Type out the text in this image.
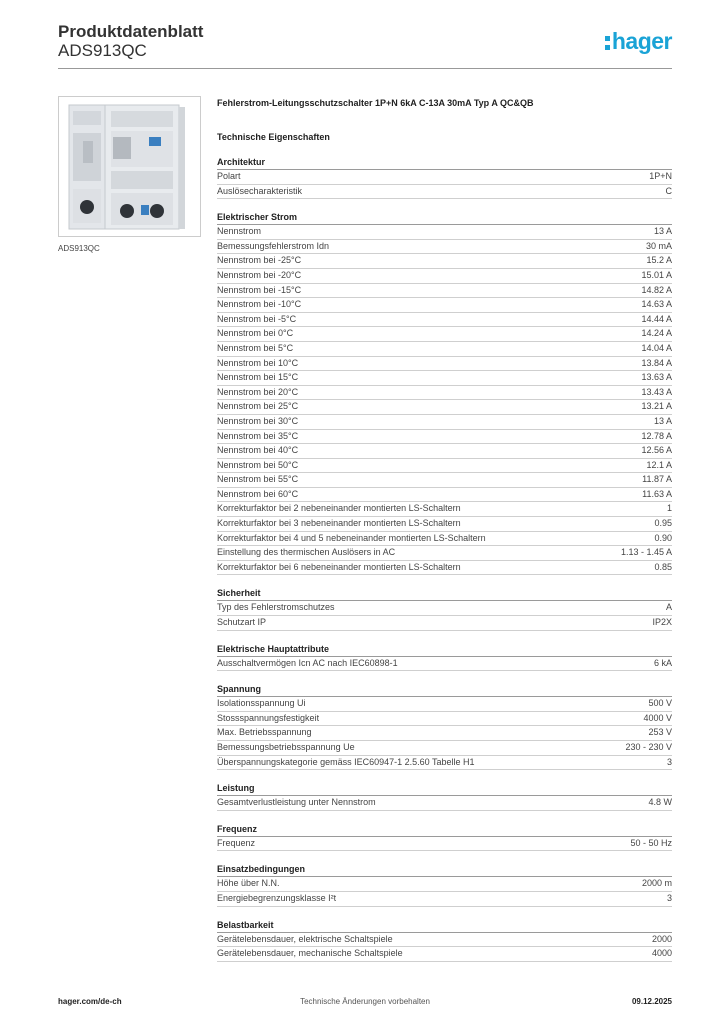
Produktdatenblatt
ADS913QC	hager
ADS913QC
Fehlerstrom-Leitungsschutzschalter 1P+N 6kA C-13A 30mA Typ A QC&QB
Technische Eigenschaften
Architektur
Polart	1P+N
Auslösecharakteristik	C
Elektrischer Strom
Nennstrom	13 A
Bemessungsfehlerstrom Idn	30 mA
Nennstrom bei -25°C	15.2 A
Nennstrom bei -20°C	15.01 A
Nennstrom bei -15°C	14.82 A
Nennstrom bei -10°C	14.63 A
Nennstrom bei -5°C	14.44 A
Nennstrom bei 0°C	14.24 A
Nennstrom bei 5°C	14.04 A
Nennstrom bei 10°C	13.84 A
Nennstrom bei 15°C	13.63 A
Nennstrom bei 20°C	13.43 A
Nennstrom bei 25°C	13.21 A
Nennstrom bei 30°C	13 A
Nennstrom bei 35°C	12.78 A
Nennstrom bei 40°C	12.56 A
Nennstrom bei 50°C	12.1 A
Nennstrom bei 55°C	11.87 A
Nennstrom bei 60°C	11.63 A
Korrekturfaktor bei 2 nebeneinander montierten LS-Schaltern	1
Korrekturfaktor bei 3 nebeneinander montierten LS-Schaltern	0.95
Korrekturfaktor bei 4 und 5 nebeneinander montierten LS-Schaltern	0.90
Einstellung des thermischen Auslösers in AC	1.13 - 1.45 A
Korrekturfaktor bei 6 nebeneinander montierten LS-Schaltern	0.85
Sicherheit
Typ des Fehlerstromschutzes	A
Schutzart IP	IP2X
Elektrische Hauptattribute
Ausschaltvermögen Icn AC nach IEC60898-1	6 kA
Spannung
Isolationsspannung Ui	500 V
Stossspannungsfestigkeit	4000 V
Max. Betriebsspannung	253 V
Bemessungsbetriebsspannung Ue	230 - 230 V
Überspannungskategorie gemäss IEC60947-1 2.5.60 Tabelle H1	3
Leistung
Gesamtverlustleistung unter Nennstrom	4.8 W
Frequenz
Frequenz	50 - 50 Hz
Einsatzbedingungen
Höhe über N.N.	2000 m
Energiebegrenzungsklasse I²t	3
Belastbarkeit
Gerätelebensdauer, elektrische Schaltspiele	2000
Gerätelebensdauer, mechanische Schaltspiele	4000
Technische Änderungen vorbehalten
hager.com/de-ch	09.12.2025
